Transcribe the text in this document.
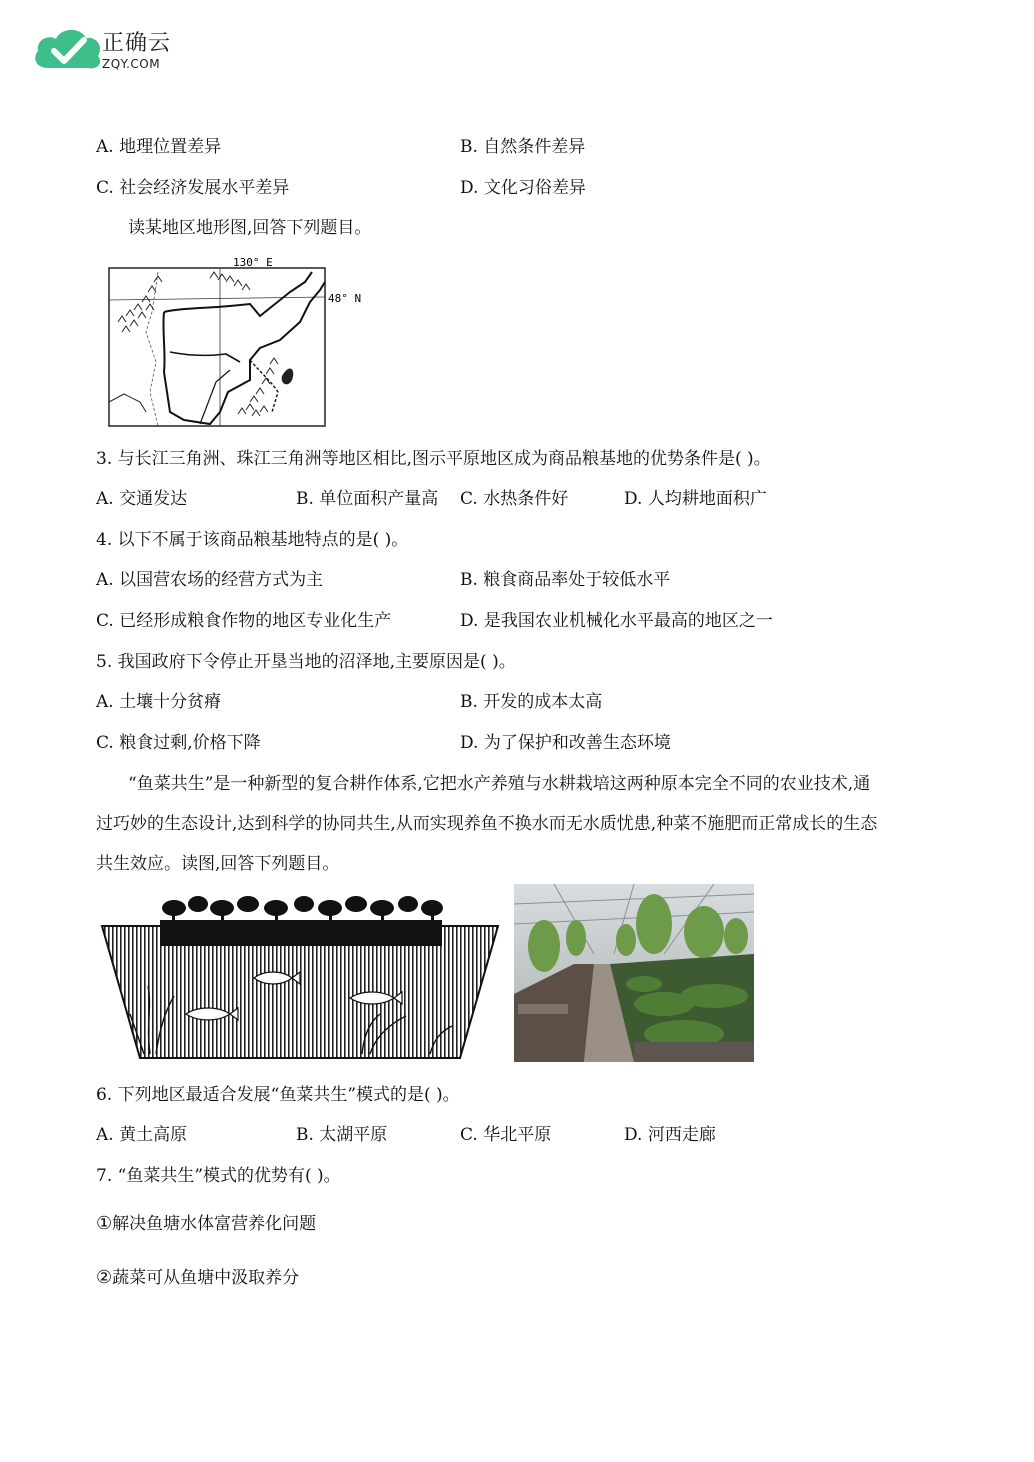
正确云
ZQY.COM
A. 地理位置差异	B. 自然条件差异
C. 社会经济发展水平差异	D. 文化习俗差异
读某地区地形图,回答下列题目。
130° E
48° N
3. 与长江三角洲、珠江三角洲等地区相比,图示平原地区成为商品粮基地的优势条件是( )。
A. 交通发达	B. 单位面积产量高 C. 水热条件好	D. 人均耕地面积广
4. 以下不属于该商品粮基地特点的是( )。
A. 以国营农场的经营方式为主	B. 粮食商品率处于较低水平
C. 已经形成粮食作物的地区专业化生产	D. 是我国农业机械化水平最高的地区之一
5. 我国政府下令停止开垦当地的沼泽地,主要原因是( )。
A. 土壤十分贫瘠	B. 开发的成本太高
C. 粮食过剩,价格下降	D. 为了保护和改善生态环境
“鱼菜共生”是一种新型的复合耕作体系,它把水产养殖与水耕栽培这两种原本完全不同的农业技术,通
过巧妙的生态设计,达到科学的协同共生,从而实现养鱼不换水而无水质忧患,种菜不施肥而正常成长的生态
共生效应。读图,回答下列题目。
6. 下列地区最适合发展“鱼菜共生”模式的是( )。
A. 黄土高原	B. 太湖平原	C. 华北平原	D. 河西走廊
7. “鱼菜共生”模式的优势有( )。
①解决鱼塘水体富营养化问题
②蔬菜可从鱼塘中汲取养分
